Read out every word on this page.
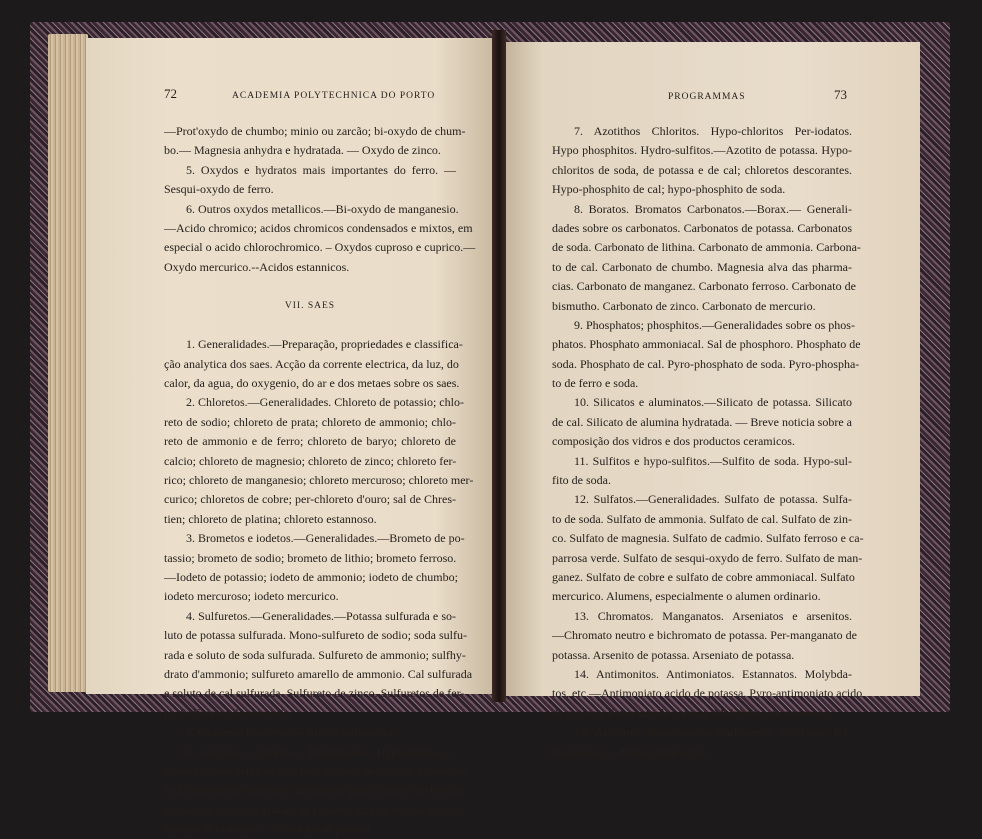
72	ACADEMIA POLYTECHNICA DO PORTO
—Prot'oxydo de chumbo; minio ou zarcão; bi-oxydo de chum-
bo.— Magnesia anhydra e hydratada. — Oxydo de zinco.
5. Oxydos e hydratos mais importantes do ferro. —
Sesqui-oxydo de ferro.
6. Outros oxydos metallicos.—Bi-oxydo de manganesio.
—Acido chromico; acidos chromicos condensados e mixtos, em
especial o acido chlorochromico. – Oxydos cuproso e cuprico.—
Oxydo mercurico.--Acidos estannicos.
VII. SAES
1. Generalidades.—Preparação, propriedades e classifica-
ção analytica dos saes. Acção da corrente electrica, da luz, do
calor, da agua, do oxygenio, do ar e dos metaes sobre os saes.
2. Chloretos.—Generalidades. Chloreto de potassio; chlo-
reto de sodio; chloreto de prata; chloreto de ammonio; chlo-
reto de ammonio e de ferro; chloreto de baryo; chloreto de
calcio; chloreto de magnesio; chloreto de zinco; chloreto fer-
rico; chloreto de manganesio; chloreto mercuroso; chloreto mer-
curico; chloretos de cobre; per-chloreto d'ouro; sal de Chres-
tien; chloreto de platina; chloreto estannoso.
3. Brometos e iodetos.—Generalidades.—Brometo de po-
tassio; brometo de sodio; brometo de lithio; brometo ferroso.
—Iodeto de potassio; iodeto de ammonio; iodeto de chumbo;
iodeto mercuroso; iodeto mercurico.
4. Sulfuretos.—Generalidades.—Potassa sulfurada e so-
luto de potassa sulfurada. Mono-sulfureto de sodio; soda sulfu-
rada e soluto de soda sulfurada. Sulfureto de ammonio; sulfhy-
drato d'ammonio; sulfureto amarello de ammonio. Cal sulfurada
e soluto de cal sulfurada. Sulfureto de zinco. Sulfuretos de fer-
ro. Sulfuretos de mercurio.
5. Cyanetos Fluoretos.—Breves indicações.
6. Azotatos. Chloratos. Perchloratos. Hyposulfatos.—
Generalidades sobre os azotatos; azotato de potassa; azotato de
soda; azotato de ammonio; azotato de prata; azotato de baryta;
azotato de chumbo; azotato de cobalto; azotato mercurico; sub-
azotato de bismutho. – Chlorato de potassa.
PROGRAMMAS	73
7. Azotithos Chloritos. Hypo-chloritos Per-iodatos.
Hypo phosphitos. Hydro-sulfitos.—Azotito de potassa. Hypo-
chloritos de soda, de potassa e de cal; chloretos descorantes.
Hypo-phosphito de cal; hypo-phosphito de soda.
8. Boratos. Bromatos Carbonatos.—Borax.— Generali-
dades sobre os carbonatos. Carbonatos de potassa. Carbonatos
de soda. Carbonato de lithina. Carbonato de ammonia. Carbona-
to de cal. Carbonato de chumbo. Magnesia alva das pharma-
cias. Carbonato de manganez. Carbonato ferroso. Carbonato de
bismutho. Carbonato de zinco. Carbonato de mercurio.
9. Phosphatos; phosphitos.—Generalidades sobre os phos-
phatos. Phosphato ammoniacal. Sal de phosphoro. Phosphato de
soda. Phosphato de cal. Pyro-phosphato de soda. Pyro-phospha-
to de ferro e soda.
10. Silicatos e aluminatos.—Silicato de potassa. Silicato
de cal. Silicato de alumina hydratada. — Breve noticia sobre a
composição dos vidros e dos productos ceramicos.
11. Sulfitos e hypo-sulfitos.—Sulfito de soda. Hypo-sul-
fito de soda.
12. Sulfatos.—Generalidades. Sulfato de potassa. Sulfa-
to de soda. Sulfato de ammonia. Sulfato de cal. Sulfato de zin-
co. Sulfato de magnesia. Sulfato de cadmio. Sulfato ferroso e ca-
parrosa verde. Sulfato de sesqui-oxydo de ferro. Sulfato de man-
ganez. Sulfato de cobre e sulfato de cobre ammoniacal. Sulfato
mercurico. Alumens, especialmente o alumen ordinario.
13. Chromatos. Manganatos. Arseniatos e arsenitos.
—Chromato neutro e bichromato de potassa. Per-manganato de
potassa. Arsenito de potassa. Arseniato de potassa.
14. Antimonitos. Antimoniatos. Estannatos. Molybda-
tos, etc.—Antimoniato acido de potassa. Pyro-antimoniato acido
de potassa. Estannato de potassa. Molybdato de ammonio.
15. Azotetos: phosphoretos Carbonetos, siliciotos. Hy-
drogenetos.—Breves indicações.
